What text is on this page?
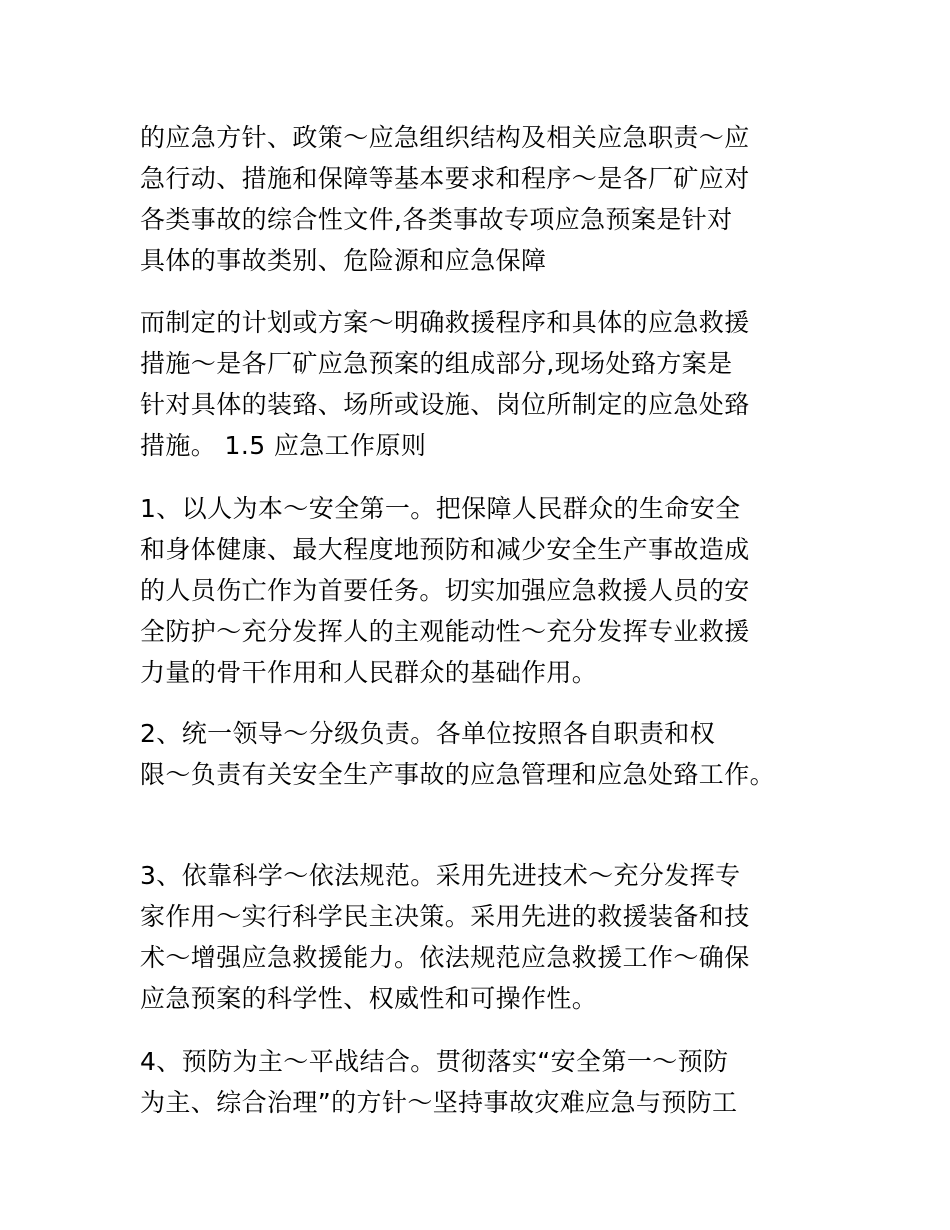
的应急方针、政策～应急组织结构及相关应急职责～应
急行动、措施和保障等基本要求和程序～是各厂矿应对
各类事故的综合性文件,各类事故专项应急预案是针对
具体的事故类别、危险源和应急保障
而制定的计划或方案～明确救援程序和具体的应急救援
措施～是各厂矿应急预案的组成部分,现场处臵方案是
针对具体的装臵、场所或设施、岗位所制定的应急处臵
措施。 1.5 应急工作原则
1、以人为本～安全第一。把保障人民群众的生命安全
和身体健康、最大程度地预防和减少安全生产事故造成
的人员伤亡作为首要任务。切实加强应急救援人员的安
全防护～充分发挥人的主观能动性～充分发挥专业救援
力量的骨干作用和人民群众的基础作用。
2、统一领导～分级负责。各单位按照各自职责和权
限～负责有关安全生产事故的应急管理和应急处臵工作。
3、依靠科学～依法规范。采用先进技术～充分发挥专
家作用～实行科学民主决策。采用先进的救援装备和技
术～增强应急救援能力。依法规范应急救援工作～确保
应急预案的科学性、权威性和可操作性。
4、预防为主～平战结合。贯彻落实“安全第一～预防
为主、综合治理”的方针～坚持事故灾难应急与预防工
